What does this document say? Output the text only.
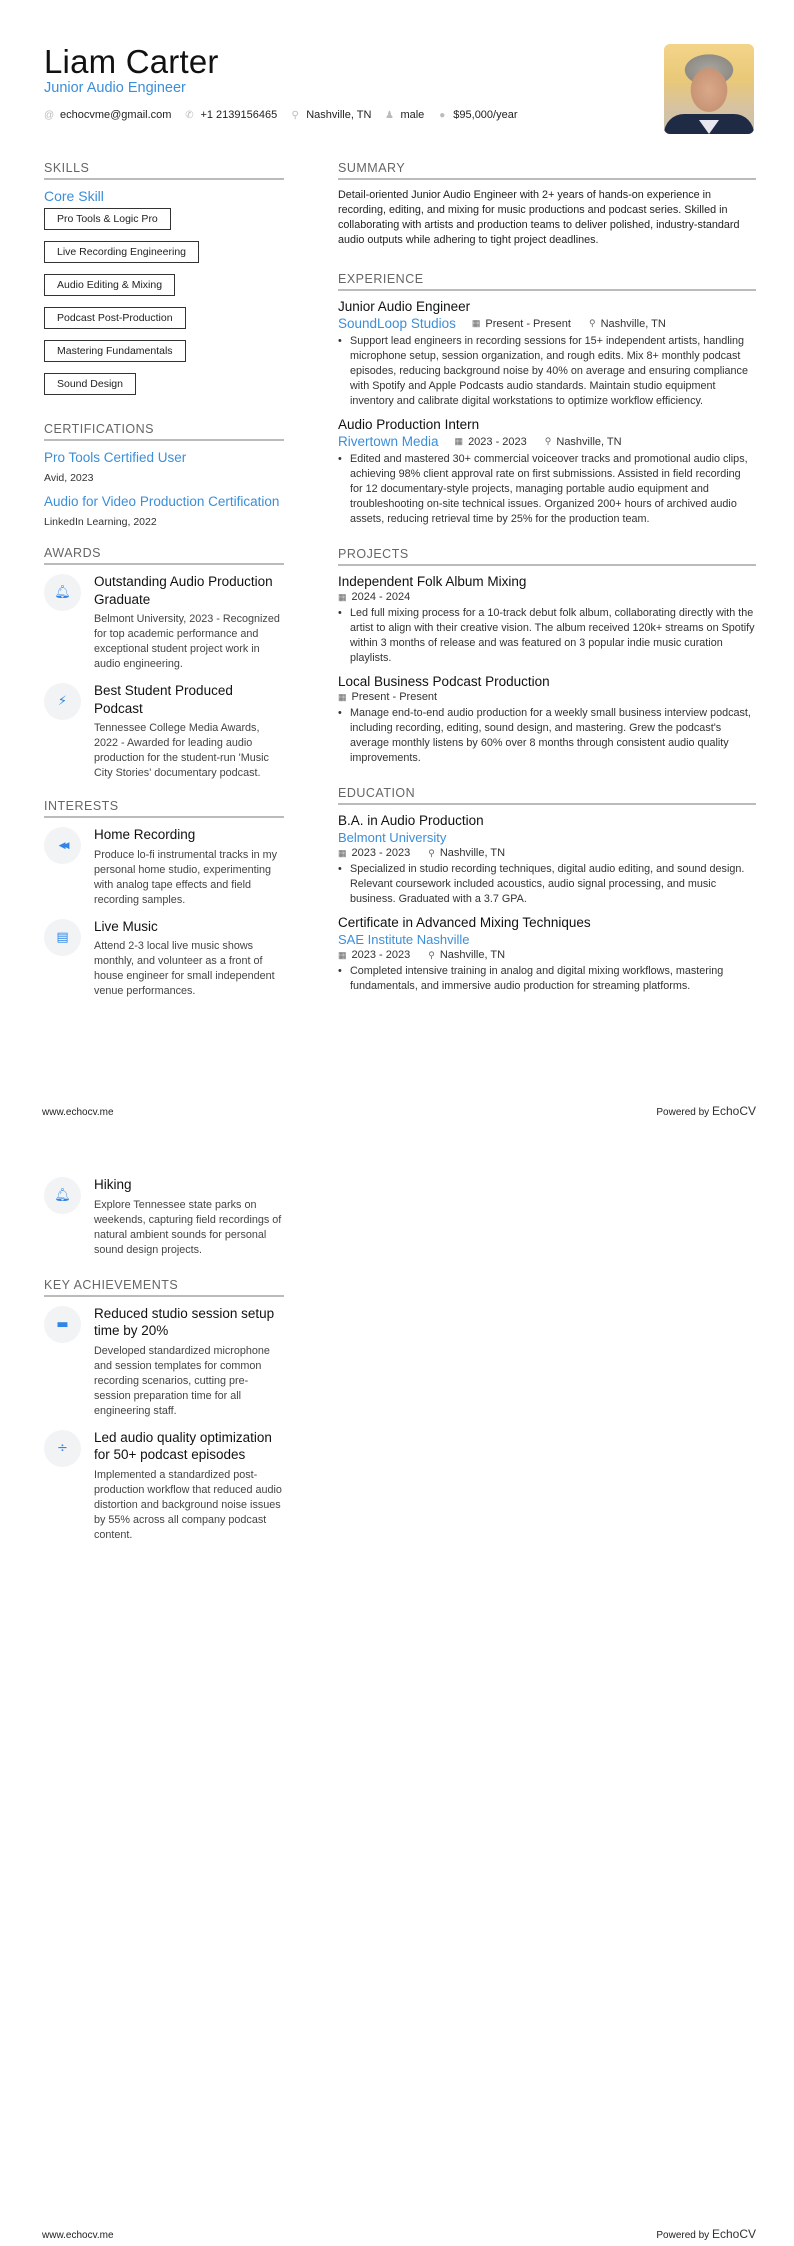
Liam Carter
Junior Audio Engineer
@ echocvme@gmail.com ✆ +1 2139156465 ⚲ Nashville, TN ♟ male ● $95,000/year
SKILLS
Core Skill
Pro Tools & Logic Pro
Live Recording Engineering
Audio Editing & Mixing
Podcast Post-Production
Mastering Fundamentals
Sound Design
CERTIFICATIONS
Pro Tools Certified User
Avid, 2023
Audio for Video Production Certification
LinkedIn Learning, 2022
AWARDS
🔔︎
Outstanding Audio Production Graduate
Belmont University, 2023 - Recognized for top academic performance and exceptional student project work in audio engineering.
⚡︎
Best Student Produced Podcast
Tennessee College Media Awards, 2022 - Awarded for leading audio production for the student-run 'Music City Stories' documentary podcast.
INTERESTS
◀◀
Home Recording
Produce lo-fi instrumental tracks in my personal home studio, experimenting with analog tape effects and field recording samples.
▤
Live Music
Attend 2-3 local live music shows monthly, and volunteer as a front of house engineer for small independent venue performances.
SUMMARY

Detail-oriented Junior Audio Engineer with 2+ years of hands-on experience in recording, editing, and mixing for music productions and podcast series. Skilled in collaborating with artists and production teams to deliver polished, industry-standard audio outputs while adhering to tight project deadlines.

EXPERIENCE
Junior Audio Engineer
SoundLoop Studios ▦ Present - Present ⚲ Nashville, TN
• Support lead engineers in recording sessions for 15+ independent artists, handling microphone setup, session organization, and rough edits. Mix 8+ monthly podcast episodes, reducing background noise by 40% on average and ensuring compliance with Spotify and Apple Podcasts audio standards. Maintain studio equipment inventory and calibrate digital workstations to optimize workflow efficiency.
Audio Production Intern
Rivertown Media ▦ 2023 - 2023 ⚲ Nashville, TN
• Edited and mastered 30+ commercial voiceover tracks and promotional audio clips, achieving 98% client approval rate on first submissions. Assisted in field recording for 12 documentary-style projects, managing portable audio equipment and troubleshooting on-site technical issues. Organized 200+ hours of archived audio assets, reducing retrieval time by 25% for the production team.
PROJECTS
Independent Folk Album Mixing
▦ 2024 - 2024
• Led full mixing process for a 10-track debut folk album, collaborating directly with the artist to align with their creative vision. The album received 120k+ streams on Spotify within 3 months of release and was featured on 3 popular indie music curation playlists.
Local Business Podcast Production
▦ Present - Present
• Manage end-to-end audio production for a weekly small business interview podcast, including recording, editing, sound design, and mastering. Grew the podcast's average monthly listens by 60% over 8 months through consistent audio quality improvements.
EDUCATION
B.A. in Audio Production
Belmont University
▦ 2023 - 2023 ⚲ Nashville, TN
• Specialized in studio recording techniques, digital audio editing, and sound design. Relevant coursework included acoustics, audio signal processing, and music business. Graduated with a 3.7 GPA.
Certificate in Advanced Mixing Techniques
SAE Institute Nashville
▦ 2023 - 2023 ⚲ Nashville, TN
• Completed intensive training in analog and digital mixing workflows, mastering fundamentals, and immersive audio production for streaming platforms.
www.echocv.me	Powered by EchoCV
🔔︎
Hiking
Explore Tennessee state parks on weekends, capturing field recordings of natural ambient sounds for personal sound design projects.
KEY ACHIEVEMENTS
▬
Reduced studio session setup time by 20%
Developed standardized microphone and session templates for common recording scenarios, cutting pre-session preparation time for all engineering staff.
÷
Led audio quality optimization for 50+ podcast episodes
Implemented a standardized post-production workflow that reduced audio distortion and background noise issues by 55% across all company podcast content.
www.echocv.me	Powered by EchoCV
